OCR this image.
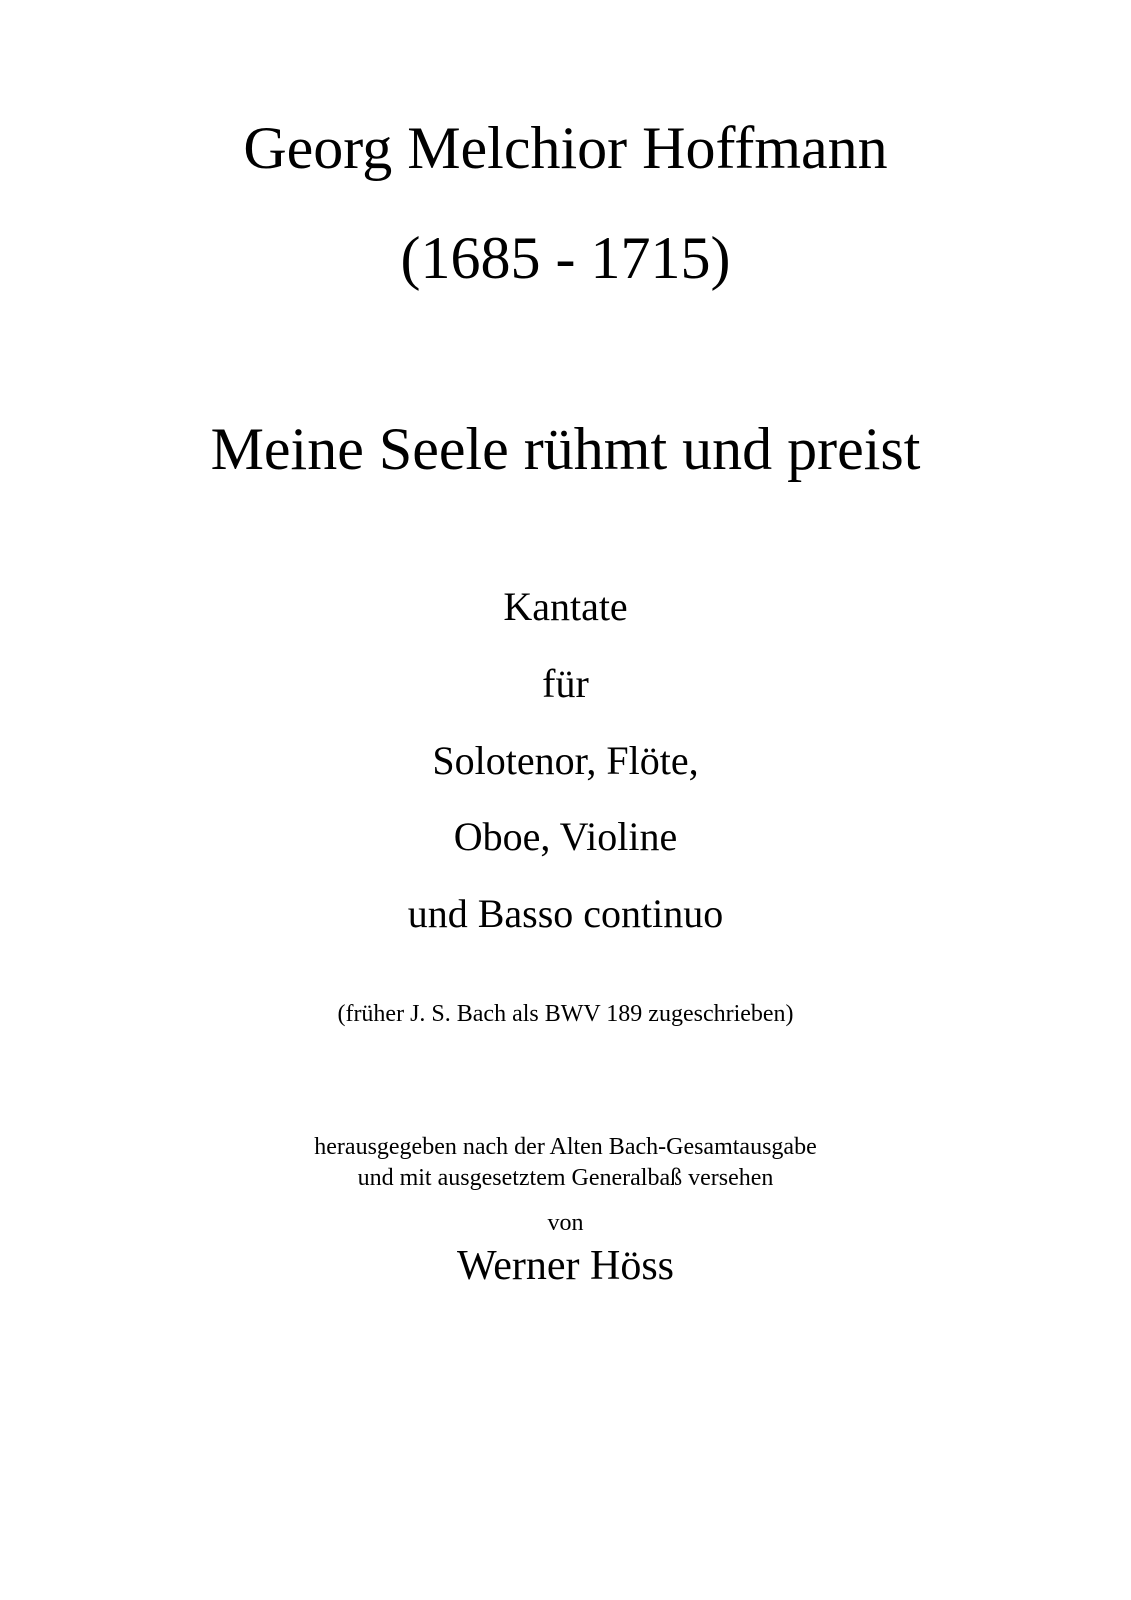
Georg Melchior Hoffmann
(1685 - 1715)
Meine Seele rühmt und preist
Kantate
für
Solotenor, Flöte,
Oboe, Violine
und Basso continuo
(früher J. S. Bach als BWV 189 zugeschrieben)
herausgegeben nach der Alten Bach-Gesamtausgabe
und mit ausgesetztem Generalbaß versehen
von
Werner Höss
